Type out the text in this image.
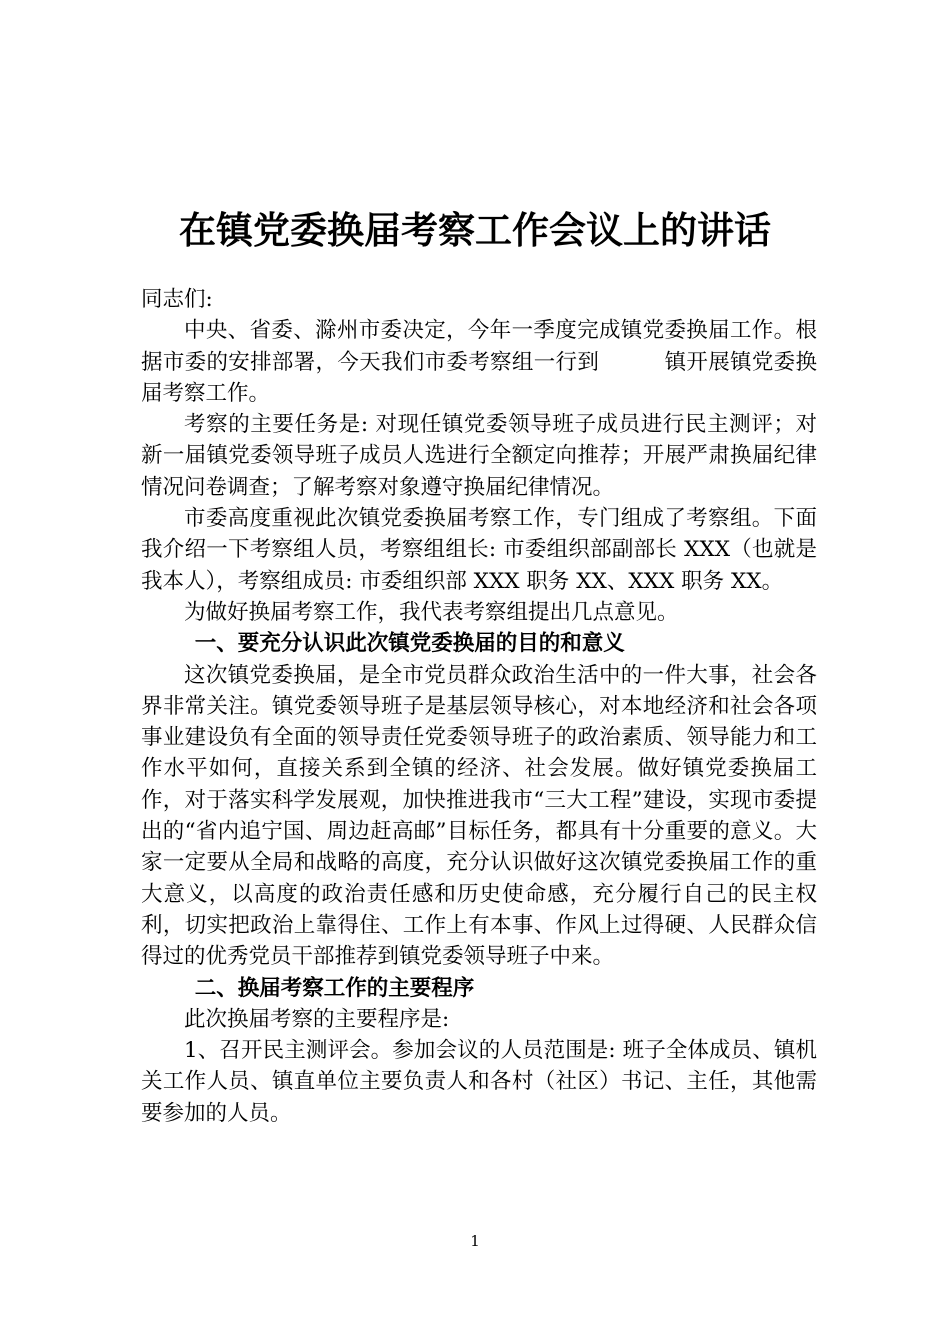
在镇党委换届考察工作会议上的讲话

同志们:

中央、省委、滁州市委决定，今年一季度完成镇党委换届工作。根据市委的安排部署，今天我们市委考察组一行到　　　镇开展镇党委换届考察工作。

考察的主要任务是: 对现任镇党委领导班子成员进行民主测评；对新一届镇党委领导班子成员人选进行全额定向推荐；开展严肃换届纪律情况问卷调查；了解考察对象遵守换届纪律情况。

市委高度重视此次镇党委换届考察工作，专门组成了考察组。下面我介绍一下考察组人员，考察组组长: 市委组织部副部长 XXX（也就是我本人），考察组成员: 市委组织部 XXX 职务 XX、XXX 职务 XX。

为做好换届考察工作，我代表考察组提出几点意见。

一、要充分认识此次镇党委换届的目的和意义

这次镇党委换届，是全市党员群众政治生活中的一件大事，社会各界非常关注。镇党委领导班子是基层领导核心，对本地经济和社会各项事业建设负有全面的领导责任党委领导班子的政治素质、领导能力和工作水平如何，直接关系到全镇的经济、社会发展。做好镇党委换届工作，对于落实科学发展观，加快推进我市“三大工程”建设，实现市委提出的“省内追宁国、周边赶高邮”目标任务，都具有十分重要的意义。大家一定要从全局和战略的高度，充分认识做好这次镇党委换届工作的重大意义，以高度的政治责任感和历史使命感，充分履行自己的民主权利，切实把政治上靠得住、工作上有本事、作风上过得硬、人民群众信得过的优秀党员干部推荐到镇党委领导班子中来。

二、换届考察工作的主要程序

此次换届考察的主要程序是:

1、召开民主测评会。参加会议的人员范围是: 班子全体成员、镇机关工作人员、镇直单位主要负责人和各村（社区）书记、主任，其他需要参加的人员。

1
